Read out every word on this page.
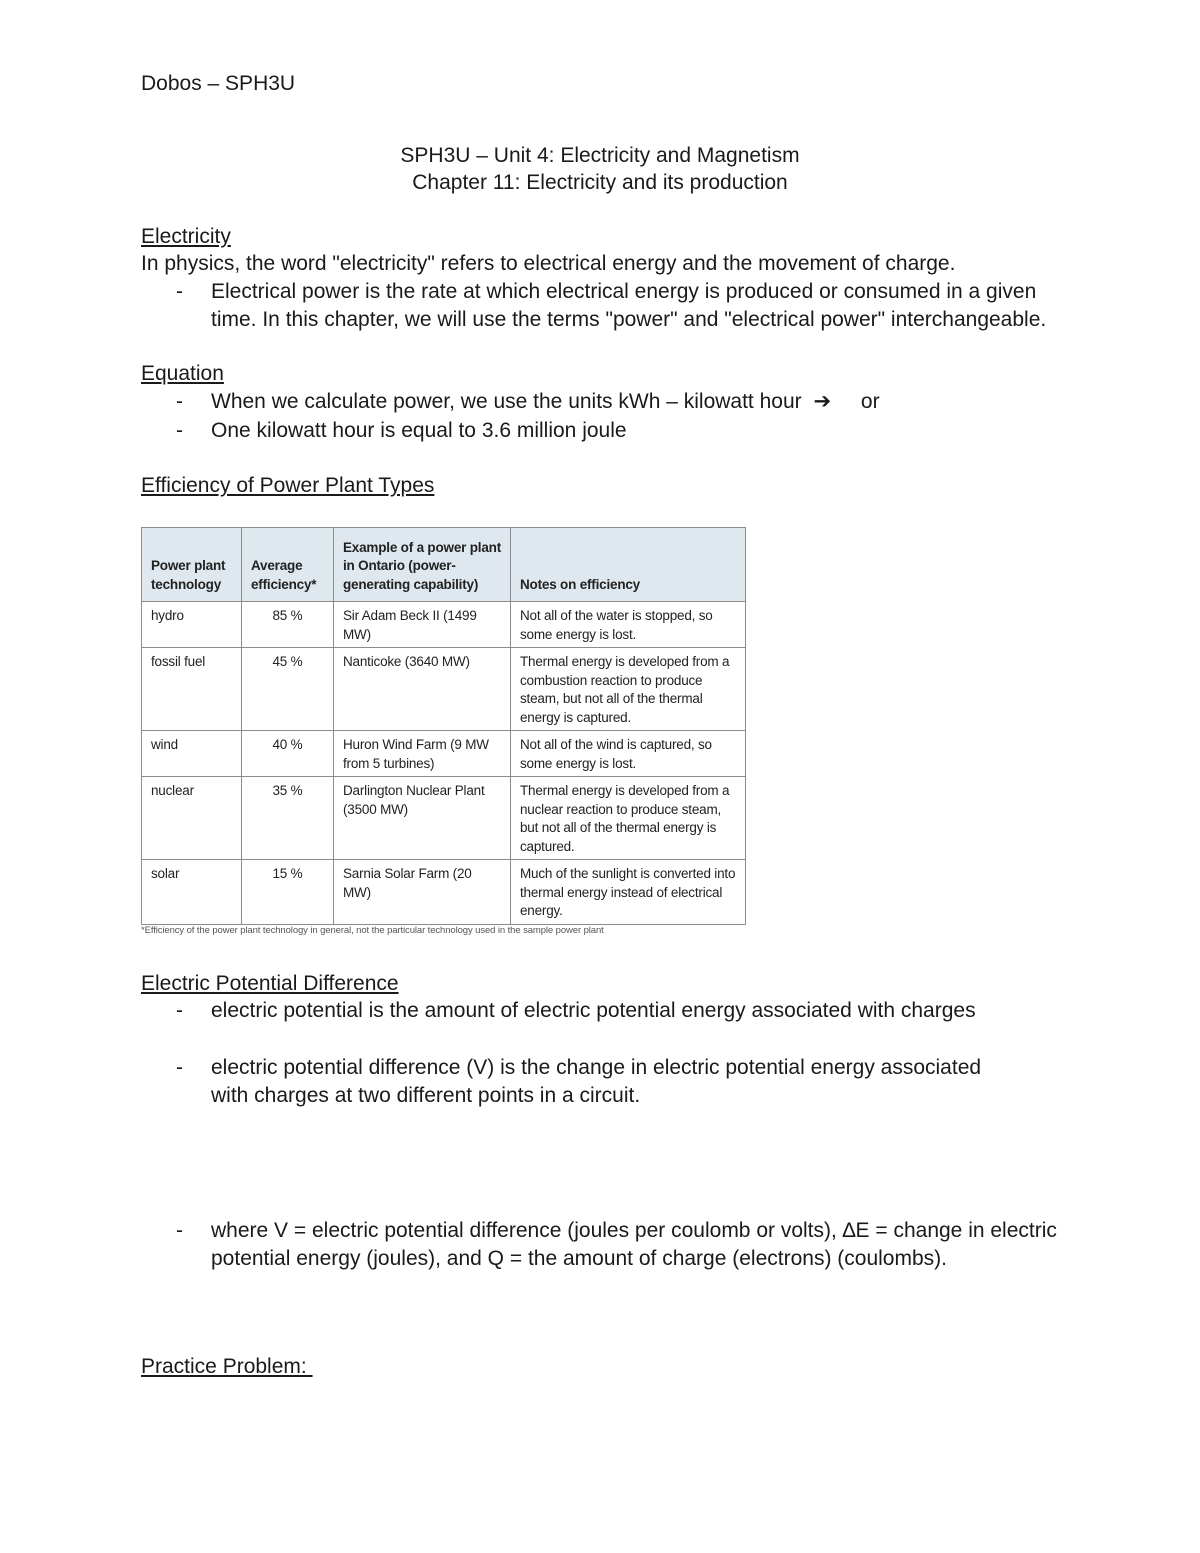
Dobos – SPH3U
SPH3U – Unit 4: Electricity and Magnetism
Chapter 11: Electricity and its production
Electricity
In physics, the word "electricity" refers to electrical energy and the movement of charge.
- Electrical power is the rate at which electrical energy is produced or consumed in a given time. In this chapter, we will use the terms "power" and "electrical power" interchangeable.
Equation
- When we calculate power, we use the units kWh – kilowatt hour ➔ or
- One kilowatt hour is equal to 3.6 million joule
Efficiency of Power Plant Types
Power plant technology	Average efficiency*	Example of a power plant in Ontario (power-generating capability)	Notes on efficiency
hydro	85 %	Sir Adam Beck II (1499 MW)	Not all of the water is stopped, so some energy is lost.
fossil fuel	45 %	Nanticoke (3640 MW)	Thermal energy is developed from a combustion reaction to produce steam, but not all of the thermal energy is captured.
wind	40 %	Huron Wind Farm (9 MW from 5 turbines)	Not all of the wind is captured, so some energy is lost.
nuclear	35 %	Darlington Nuclear Plant (3500 MW)	Thermal energy is developed from a nuclear reaction to produce steam, but not all of the thermal energy is captured.
solar	15 %	Sarnia Solar Farm (20 MW)	Much of the sunlight is converted into thermal energy instead of electrical energy.
*Efficiency of the power plant technology in general, not the particular technology used in the sample power plant
Electric Potential Difference
- electric potential is the amount of electric potential energy associated with charges
- electric potential difference (V) is the change in electric potential energy associated with charges at two different points in a circuit.
- where V = electric potential difference (joules per coulomb or volts), ∆E = change in electric potential energy (joules), and Q = the amount of charge (electrons) (coulombs).
Practice Problem:
